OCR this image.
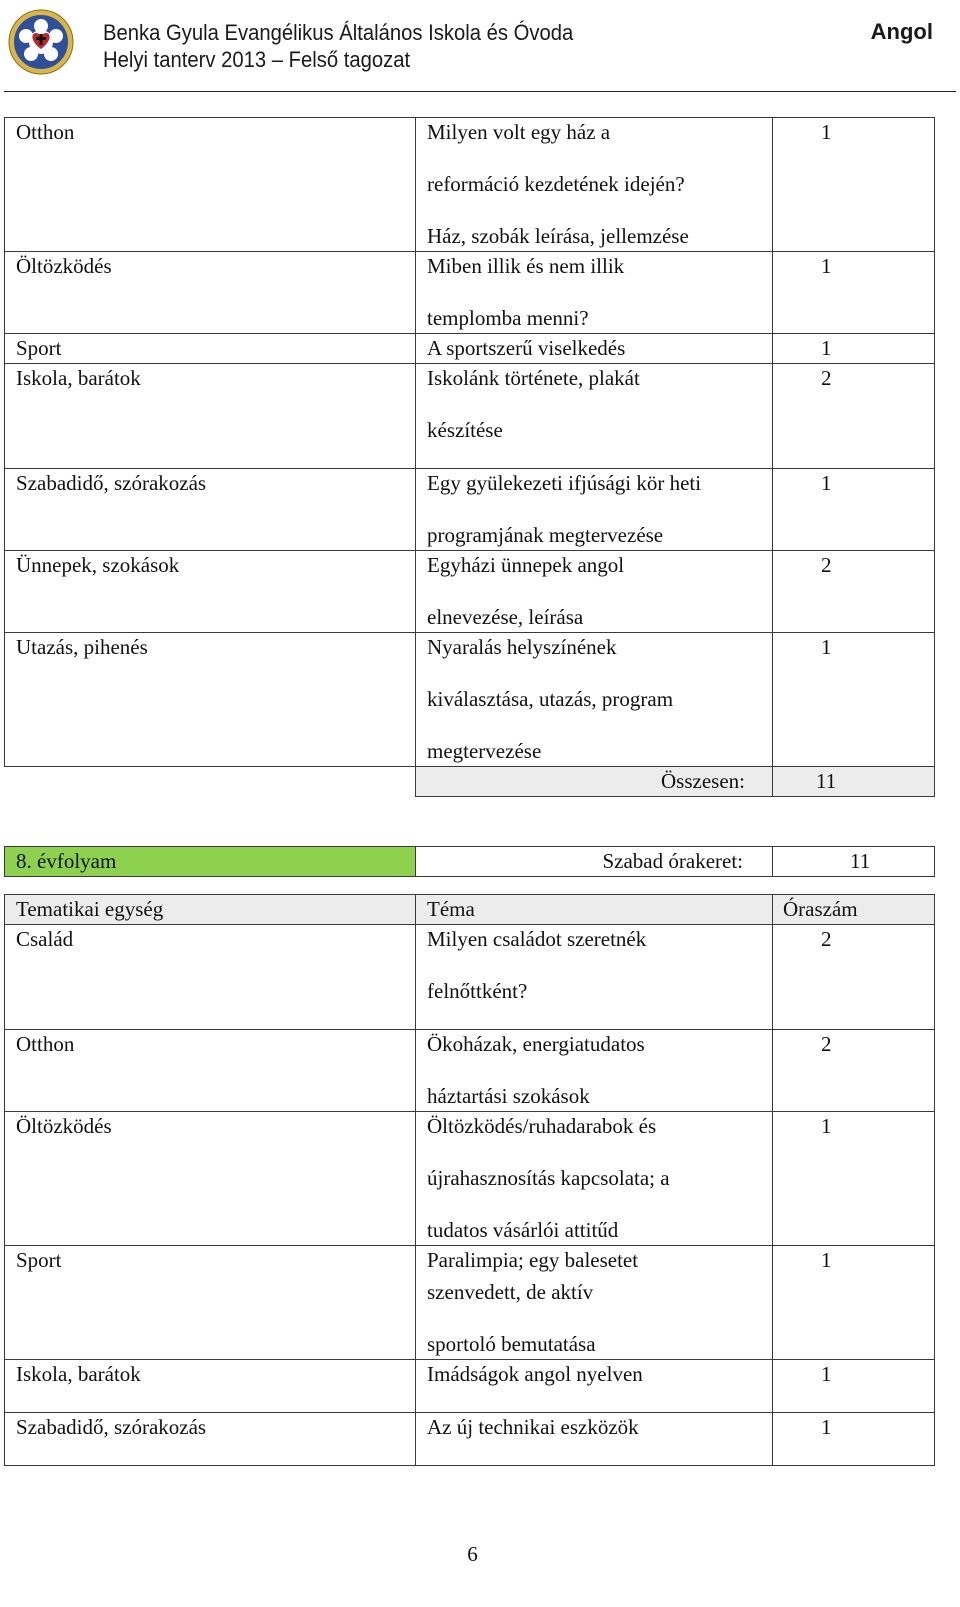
Benka Gyula Evangélikus Általános Iskola és Óvoda
Helyi tanterv 2013 – Felső tagozat
Angol
Otthon	Milyen volt egy ház a
reformáció kezdetének idején?
Ház, szobák leírása, jellemzése	1
Öltözködés	Miben illik és nem illik
templomba menni?	1
Sport	A sportszerű viselkedés	1
Iskola, barátok	Iskolánk története, plakát
készítése	2
Szabadidő, szórakozás	Egy gyülekezeti ifjúsági kör heti
programjának megtervezése	1
Ünnepek, szokások	Egyházi ünnepek angol
elnevezése, leírása	2
Utazás, pihenés	Nyaralás helyszínének
kiválasztása, utazás, program
megtervezése	1
	Összesen:	11
8. évfolyam	Szabad órakeret:	11
Tematikai egység	Téma	Óraszám
Család	Milyen családot szeretnék
felnőttként?	2
Otthon	Ökoházak, energiatudatos
háztartási szokások	2
Öltözködés	Öltözködés/ruhadarabok és
újrahasznosítás kapcsolata; a
tudatos vásárlói attitűd	1
Sport	Paralimpia; egy balesetet
szenvedett, de aktív
sportoló bemutatása	1
Iskola, barátok	Imádságok angol nyelven	1
Szabadidő, szórakozás	Az új technikai eszközök	1
6
